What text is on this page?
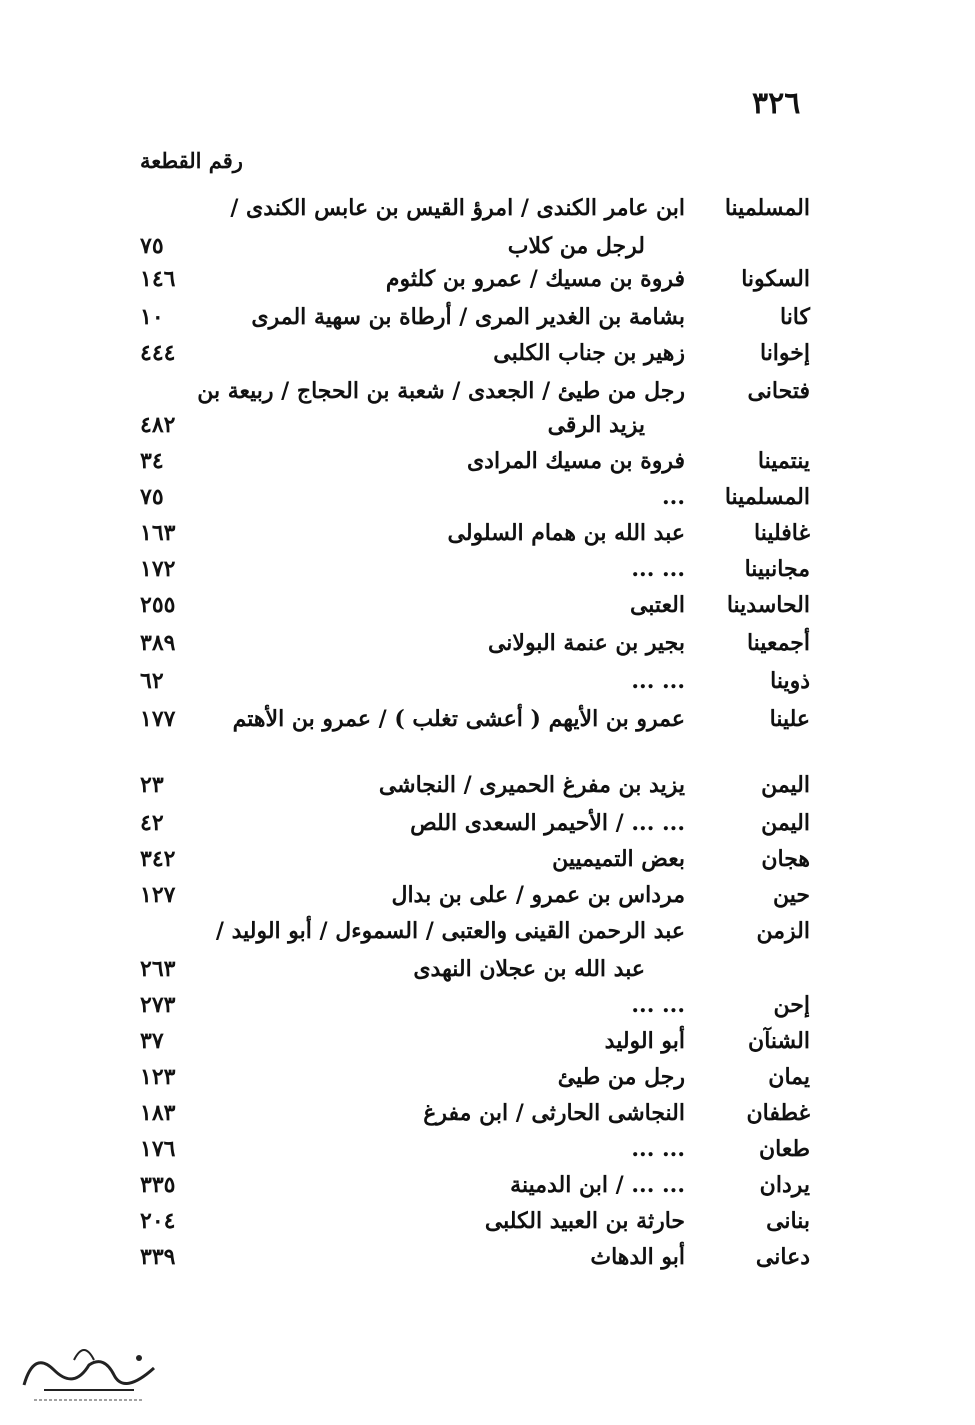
٣٢٦
رقم القطعة
المسلمينا
ابن عامر الكندى / امرؤ القيس بن عابس الكندى /
لرجل من كلاب
٧٥
السكونا
فروة بن مسيك / عمرو بن كلثوم
١٤٦
كانا
بشامة بن الغدير المرى / أرطاة بن سهية المرى
١٠
إخوانا
زهير بن جناب الكلبى
٤٤٤
فتحانى
رجل من طيئ / الجعدى / شعبة بن الحجاج / ربيعة بن
يزيد الرقى
٤٨٢
ينتمينا
فروة بن مسيك المرادى
٣٤
المسلمينا
...
٧٥
غافلينا
عبد الله بن همام السلولى
١٦٣
مجانبينا
... ...
١٧٢
الحاسدينا
العتبى
٢٥٥
أجمعينا
بجير بن عنمة البولانى
٣٨٩
ذوينا
... ...
٦٢
علينا
عمرو بن الأيهم ( أعشى تغلب ) / عمرو بن الأهتم
١٧٧
اليمن
يزيد بن مفرغ الحميرى / النجاشى
٢٣
اليمن
... ... / الأحيمر السعدى اللص
٤٢
هجان
بعض التميميين
٣٤٢
حين
مرداس بن عمرو / على بن بدال
١٢٧
الزمن
عبد الرحمن القينى والعتبى / السموءل / أبو الوليد /
عبد الله بن عجلان النهدى
٢٦٣
إحن
... ...
٢٧٣
الشنآن
أبو الوليد
٣٧
يمان
رجل من طيئ
١٢٣
غطفان
النجاشى الحارثى / ابن مفرغ
١٨٣
طعان
... ...
١٧٦
يردان
... ... / ابن الدمينة
٣٣٥
بنانى
حارثة بن العبيد الكلبى
٢٠٤
دعانى
أبو الدهاث
٣٣٩
